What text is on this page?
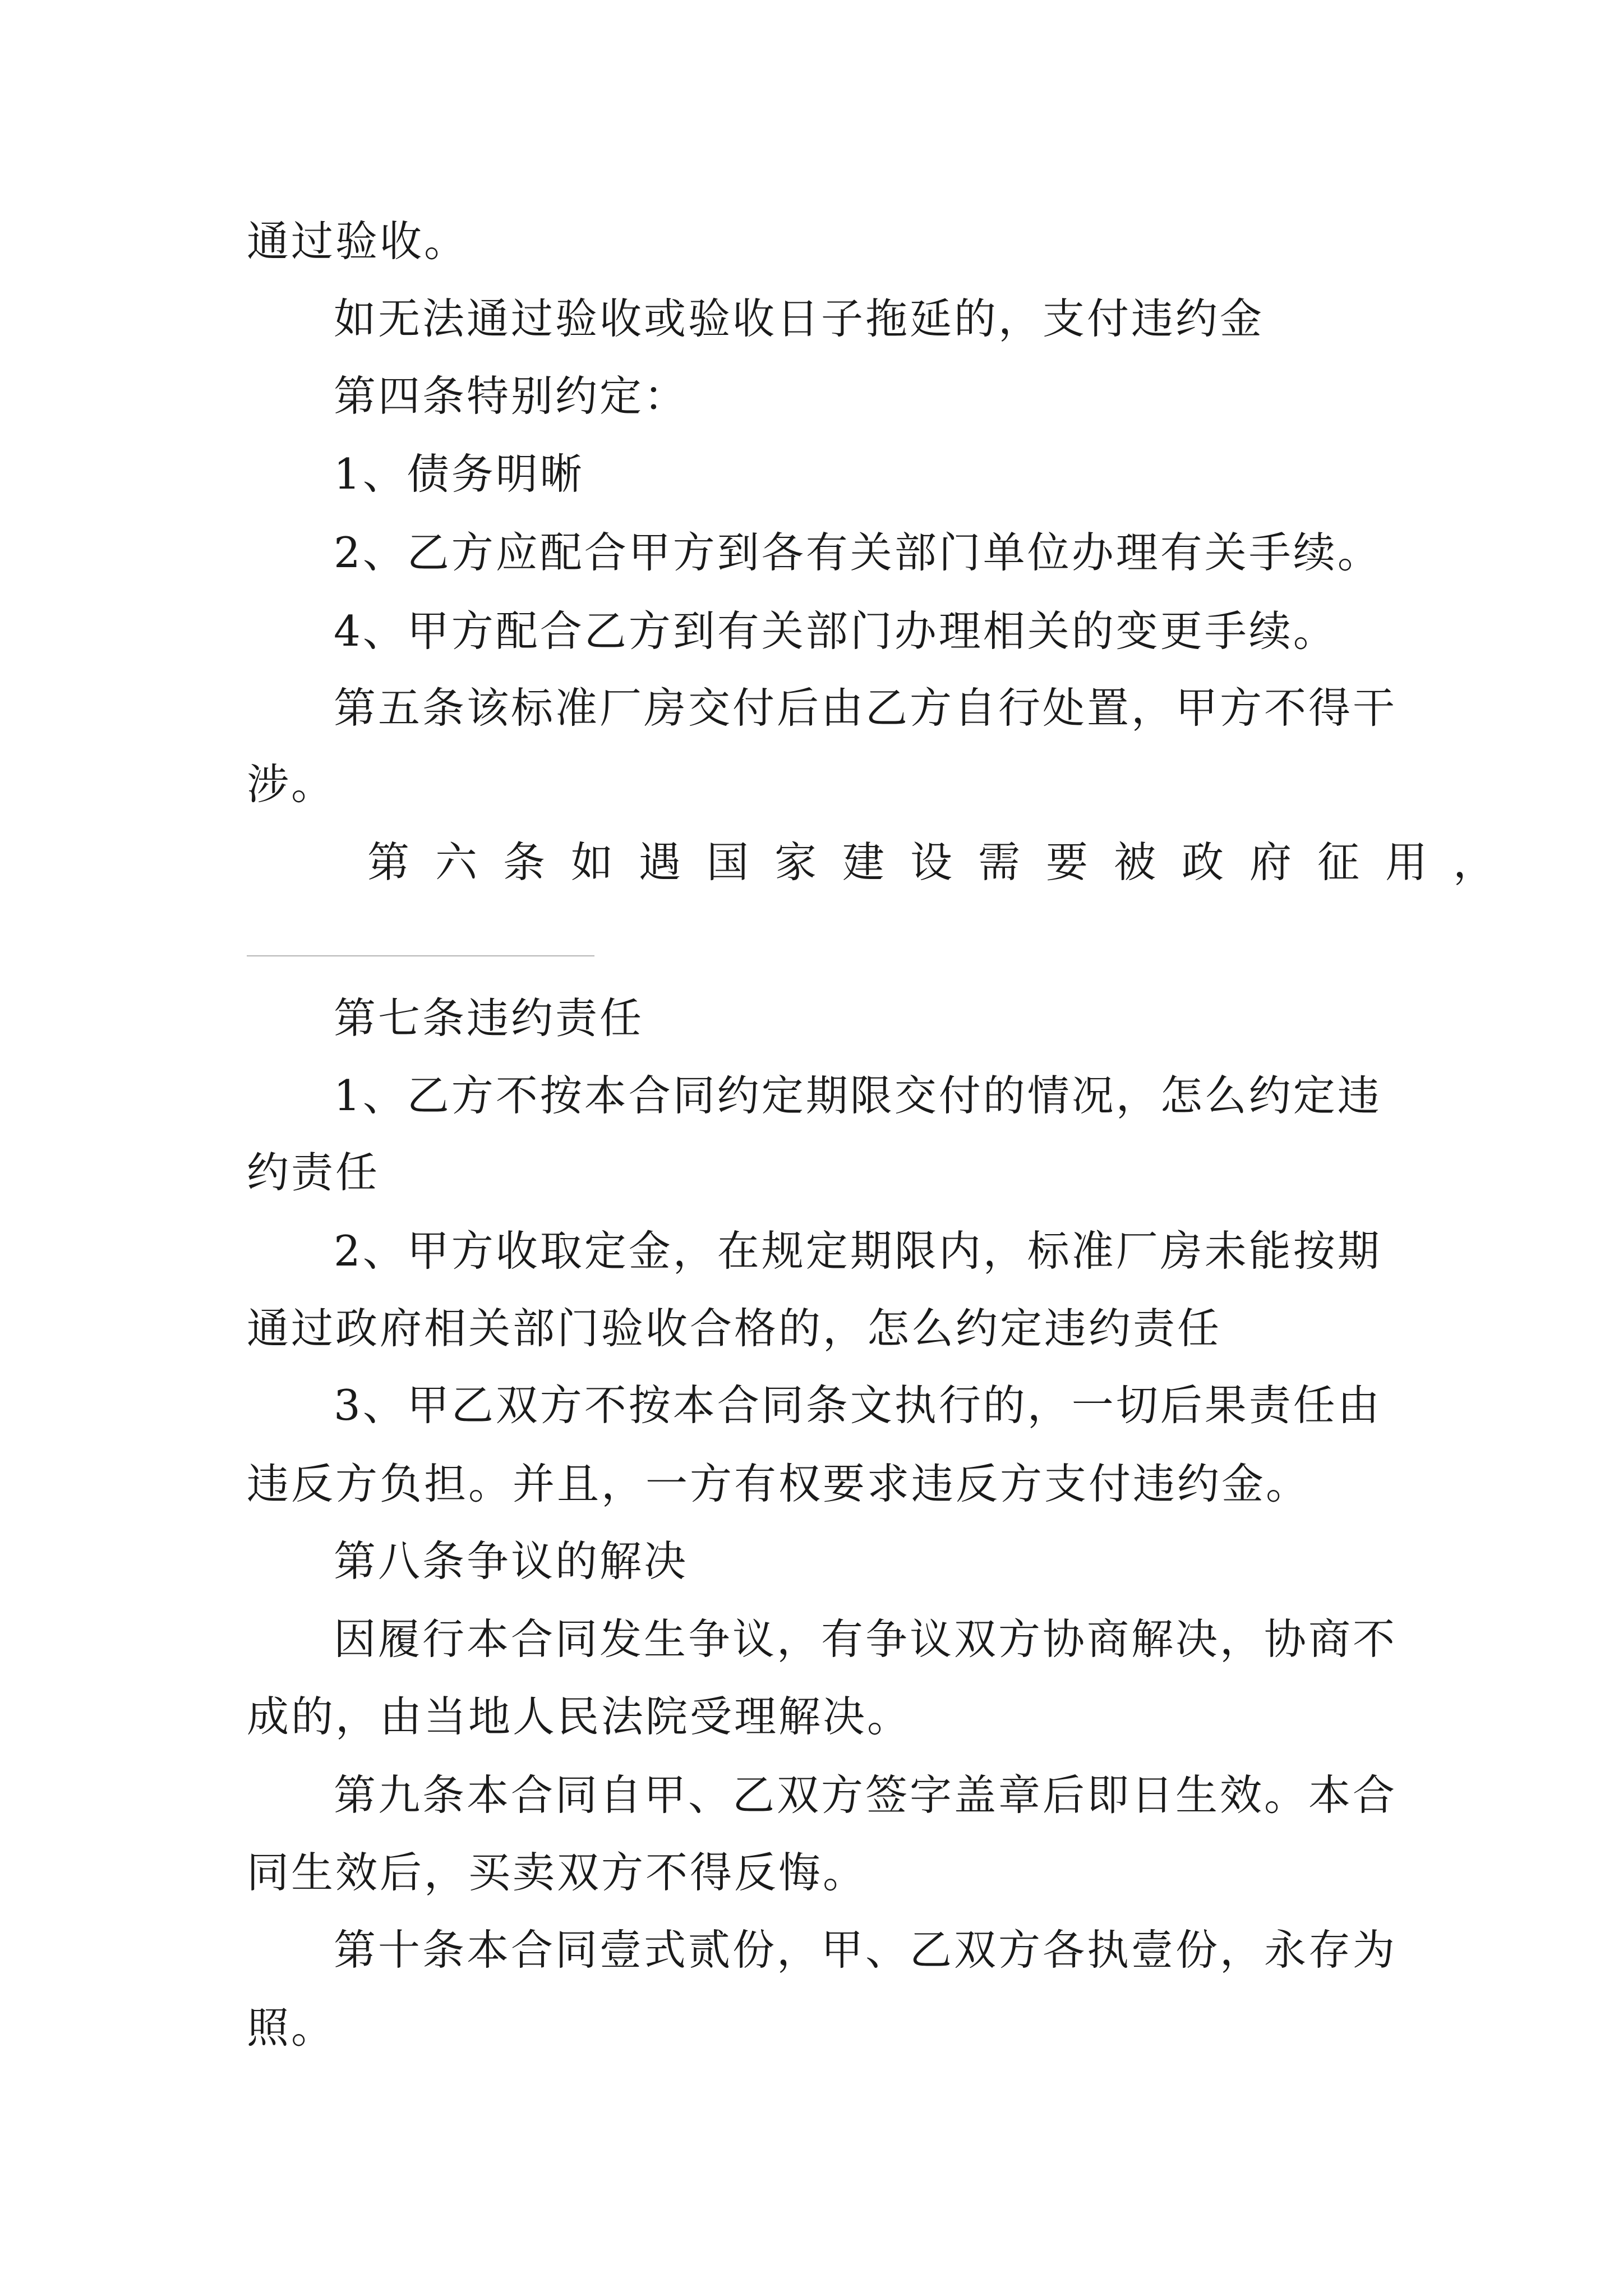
通过验收。
如无法通过验收或验收日子拖延的，支付违约金
第四条特别约定：
1、债务明晰
2、乙方应配合甲方到各有关部门单位办理有关手续。
4、甲方配合乙方到有关部门办理相关的变更手续。
第五条该标准厂房交付后由乙方自行处置，甲方不得干
涉。
第六条如遇国家建设需要被政府征用，
第七条违约责任
1、乙方不按本合同约定期限交付的情况，怎么约定违
约责任
2、甲方收取定金，在规定期限内，标准厂房未能按期
通过政府相关部门验收合格的，怎么约定违约责任
3、甲乙双方不按本合同条文执行的，一切后果责任由
违反方负担。并且，一方有权要求违反方支付违约金。
第八条争议的解决
因履行本合同发生争议，有争议双方协商解决，协商不
成的，由当地人民法院受理解决。
第九条本合同自甲、乙双方签字盖章后即日生效。本合
同生效后，买卖双方不得反悔。
第十条本合同壹式贰份，甲、乙双方各执壹份，永存为
照。
